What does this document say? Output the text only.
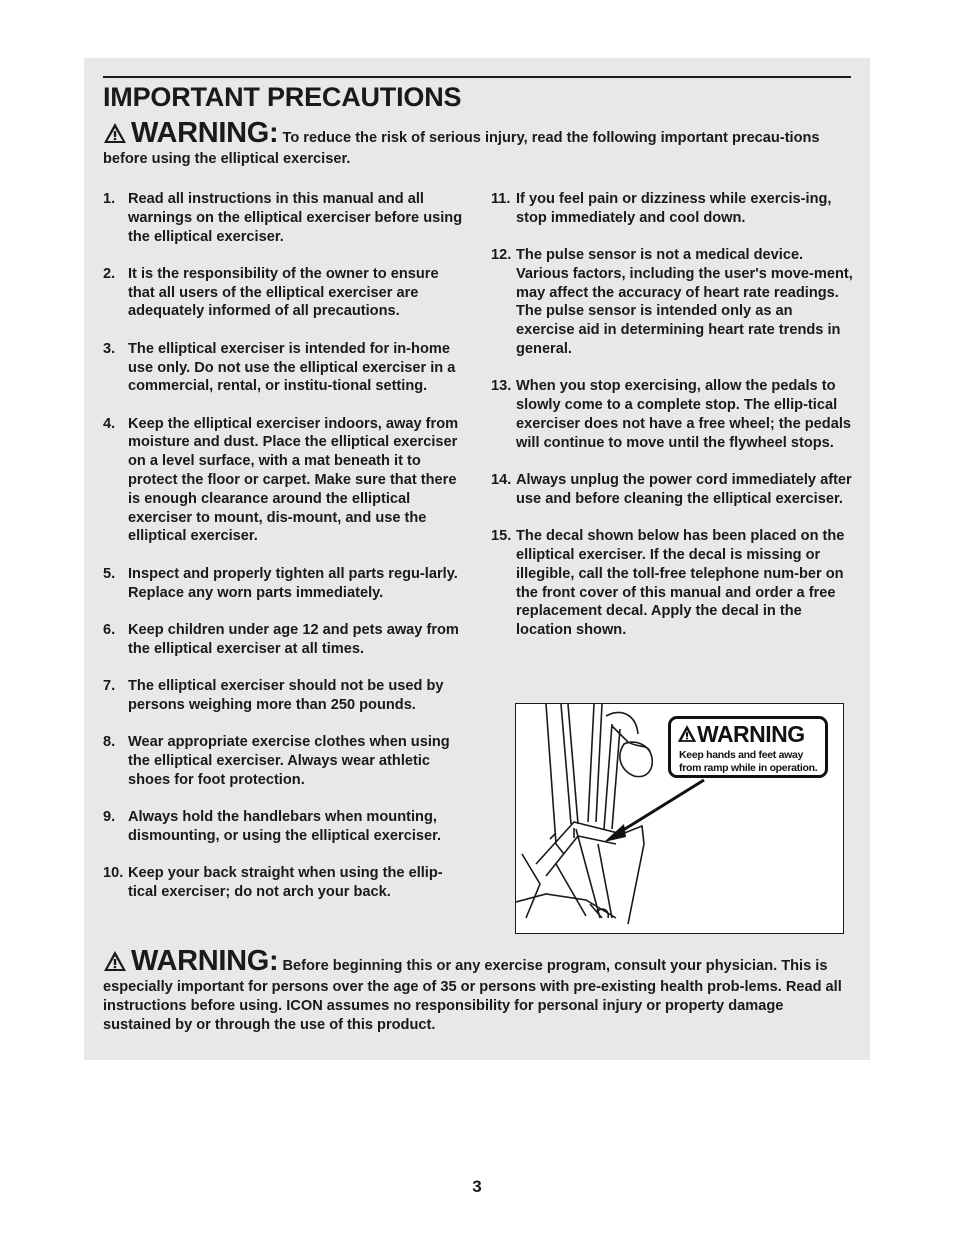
IMPORTANT PRECAUTIONS
WARNING: To reduce the risk of serious injury, read the following important precau-tions before using the elliptical exerciser.
1. Read all instructions in this manual and all warnings on the elliptical exerciser before using the elliptical exerciser.
2. It is the responsibility of the owner to ensure that all users of the elliptical exerciser are adequately informed of all precautions.
3. The elliptical exerciser is intended for in-home use only. Do not use the elliptical exerciser in a commercial, rental, or institu-tional setting.
4. Keep the elliptical exerciser indoors, away from moisture and dust. Place the elliptical exerciser on a level surface, with a mat beneath it to protect the floor or carpet. Make sure that there is enough clearance around the elliptical exerciser to mount, dis-mount, and use the elliptical exerciser.
5. Inspect and properly tighten all parts regu-larly. Replace any worn parts immediately.
6. Keep children under age 12 and pets away from the elliptical exerciser at all times.
7. The elliptical exerciser should not be used by persons weighing more than 250 pounds.
8. Wear appropriate exercise clothes when using the elliptical exerciser. Always wear athletic shoes for foot protection.
9. Always hold the handlebars when mounting, dismounting, or using the elliptical exerciser.
10. Keep your back straight when using the ellip-tical exerciser; do not arch your back.
11. If you feel pain or dizziness while exercis-ing, stop immediately and cool down.
12. The pulse sensor is not a medical device. Various factors, including the user's move-ment, may affect the accuracy of heart rate readings. The pulse sensor is intended only as an exercise aid in determining heart rate trends in general.
13. When you stop exercising, allow the pedals to slowly come to a complete stop. The ellip-tical exerciser does not have a free wheel; the pedals will continue to move until the flywheel stops.
14. Always unplug the power cord immediately after use and before cleaning the elliptical exerciser.
15. The decal shown below has been placed on the elliptical exerciser. If the decal is missing or illegible, call the toll-free telephone num-ber on the front cover of this manual and order a free replacement decal. Apply the decal in the location shown.
WARNING
Keep hands and feet away
from ramp while in operation.
WARNING: Before beginning this or any exercise program, consult your physician. This is especially important for persons over the age of 35 or persons with pre-existing health prob-lems. Read all instructions before using. ICON assumes no responsibility for personal injury or property damage sustained by or through the use of this product.
3
